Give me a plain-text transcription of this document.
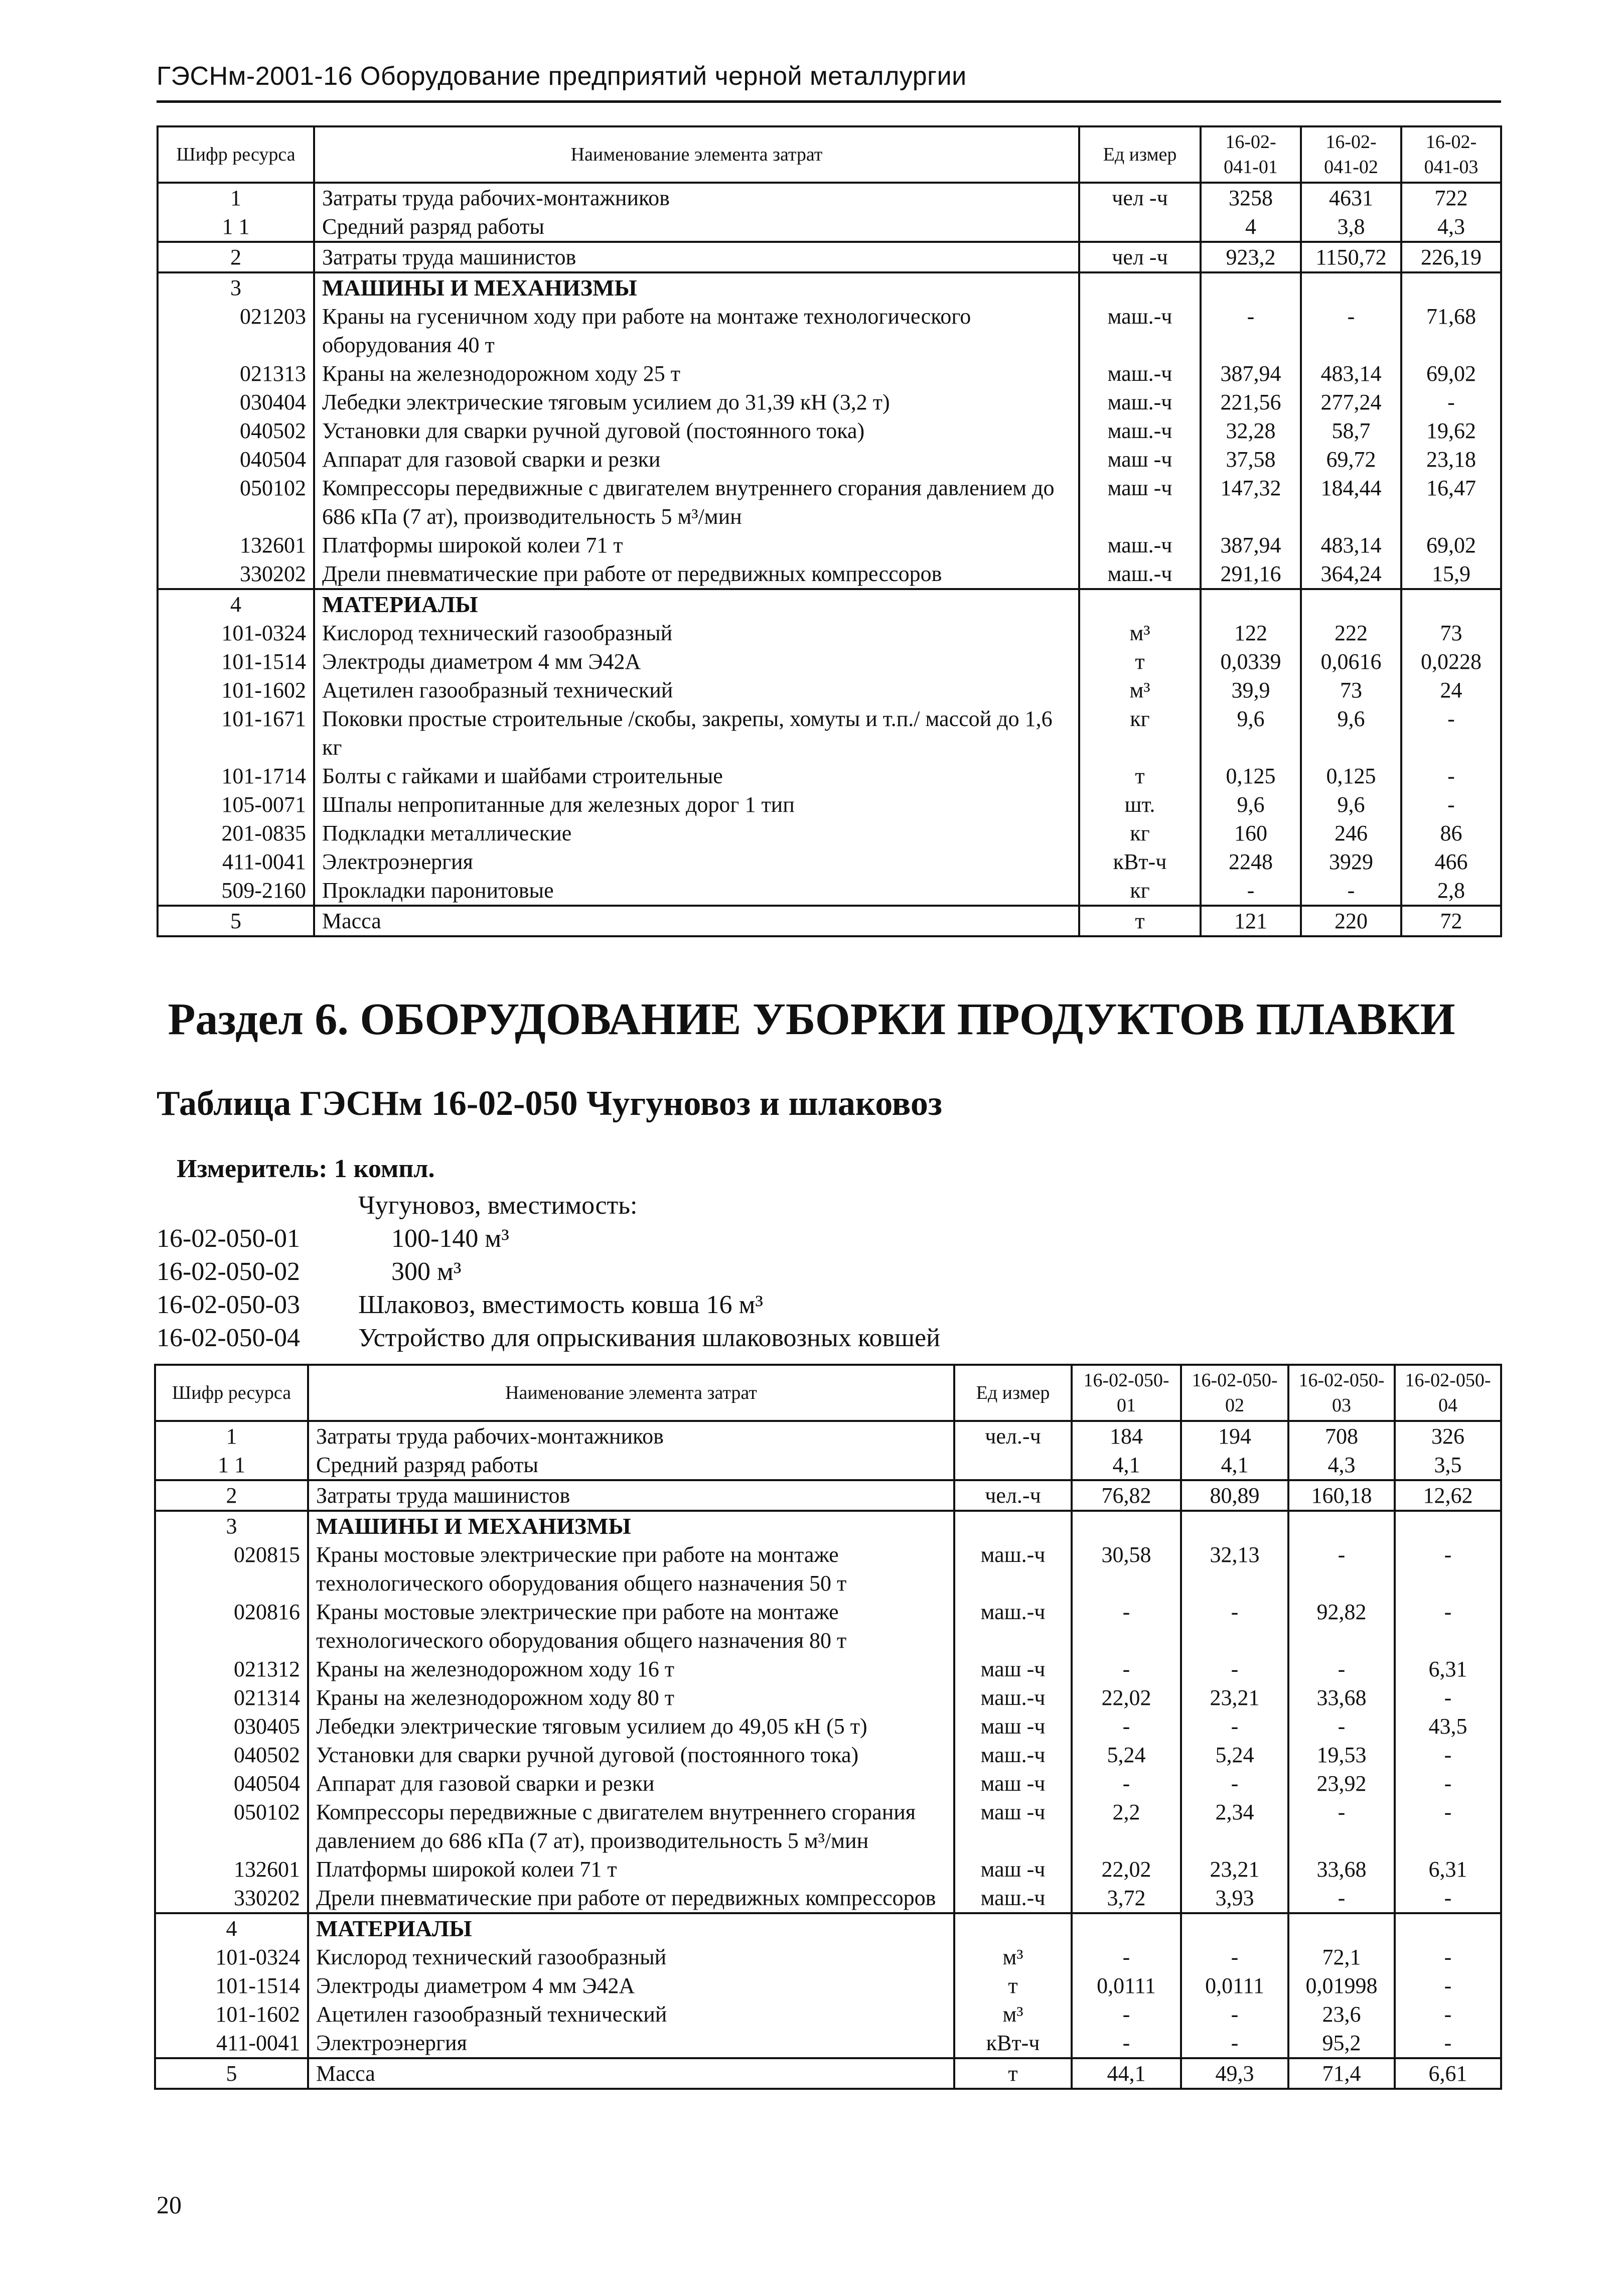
ГЭСНм-2001-16 Оборудование предприятий черной металлургии
Шифр ресурса	Наименование элемента затрат	Ед измер	16-02-041-01	16-02-041-02	16-02-041-03
1	Затраты труда рабочих-монтажников	чел -ч	3258	4631	722
1 1	Средний разряд работы		4	3,8	4,3
2	Затраты труда машинистов	чел -ч	923,2	1150,72	226,19
3	МАШИНЫ И МЕХАНИЗМЫ				
021203	Краны на гусеничном ходу при работе на монтаже технологического оборудования 40 т	маш.-ч	-	-	71,68
021313	Краны на железнодорожном ходу 25 т	маш.-ч	387,94	483,14	69,02
030404	Лебедки электрические тяговым усилием до 31,39 кН (3,2 т)	маш.-ч	221,56	277,24	-
040502	Установки для сварки ручной дуговой (постоянного тока)	маш.-ч	32,28	58,7	19,62
040504	Аппарат для газовой сварки и резки	маш -ч	37,58	69,72	23,18
050102	Компрессоры передвижные с двигателем внутреннего сгорания давлением до 686 кПа (7 ат), производительность 5 м³/мин	маш -ч	147,32	184,44	16,47
132601	Платформы широкой колеи 71 т	маш.-ч	387,94	483,14	69,02
330202	Дрели пневматические при работе от передвижных компрессоров	маш.-ч	291,16	364,24	15,9
4	МАТЕРИАЛЫ				
101-0324	Кислород технический газообразный	м³	122	222	73
101-1514	Электроды диаметром 4 мм Э42А	т	0,0339	0,0616	0,0228
101-1602	Ацетилен газообразный технический	м³	39,9	73	24
101-1671	Поковки простые строительные /скобы, закрепы, хомуты и т.п./ массой до 1,6 кг	кг	9,6	9,6	-
101-1714	Болты с гайками и шайбами строительные	т	0,125	0,125	-
105-0071	Шпалы непропитанные для железных дорог 1 тип	шт.	9,6	9,6	-
201-0835	Подкладки металлические	кг	160	246	86
411-0041	Электроэнергия	кВт-ч	2248	3929	466
509-2160	Прокладки паронитовые	кг	-	-	2,8
5	Масса	т	121	220	72
Раздел 6. ОБОРУДОВАНИЕ УБОРКИ ПРОДУКТОВ ПЛАВКИ
Таблица ГЭСНм 16-02-050 Чугуновоз и шлаковоз
Измеритель: 1 компл.
Чугуновоз, вместимость:
16-02-050-01	100-140 м³
16-02-050-02	300 м³
16-02-050-03 Шлаковоз, вместимость ковша 16 м³
16-02-050-04 Устройство для опрыскивания шлаковозных ковшей
Шифр ресурса	Наименование элемента затрат	Ед измер	16-02-050-01	16-02-050-02	16-02-050-03	16-02-050-04
1	Затраты труда рабочих-монтажников	чел.-ч	184	194	708	326
1 1	Средний разряд работы		4,1	4,1	4,3	3,5
2	Затраты труда машинистов	чел.-ч	76,82	80,89	160,18	12,62
3	МАШИНЫ И МЕХАНИЗМЫ					
020815	Краны мостовые электрические при работе на монтаже технологического оборудования общего назначения 50 т	маш.-ч	30,58	32,13	-	-
020816	Краны мостовые электрические при работе на монтаже технологического оборудования общего назначения 80 т	маш.-ч	-	-	92,82	-
021312	Краны на железнодорожном ходу 16 т	маш -ч	-	-	-	6,31
021314	Краны на железнодорожном ходу 80 т	маш.-ч	22,02	23,21	33,68	-
030405	Лебедки электрические тяговым усилием до 49,05 кН (5 т)	маш -ч	-	-	-	43,5
040502	Установки для сварки ручной дуговой (постоянного тока)	маш.-ч	5,24	5,24	19,53	-
040504	Аппарат для газовой сварки и резки	маш -ч	-	-	23,92	-
050102	Компрессоры передвижные с двигателем внутреннего сгорания давлением до 686 кПа (7 ат), производительность 5 м³/мин	маш -ч	2,2	2,34	-	-
132601	Платформы широкой колеи 71 т	маш -ч	22,02	23,21	33,68	6,31
330202	Дрели пневматические при работе от передвижных компрессоров	маш.-ч	3,72	3,93	-	-
4	МАТЕРИАЛЫ					
101-0324	Кислород технический газообразный	м³	-	-	72,1	-
101-1514	Электроды диаметром 4 мм Э42А	т	0,0111	0,0111	0,01998	-
101-1602	Ацетилен газообразный технический	м³	-	-	23,6	-
411-0041	Электроэнергия	кВт-ч	-	-	95,2	-
5	Масса	т	44,1	49,3	71,4	6,61
20
